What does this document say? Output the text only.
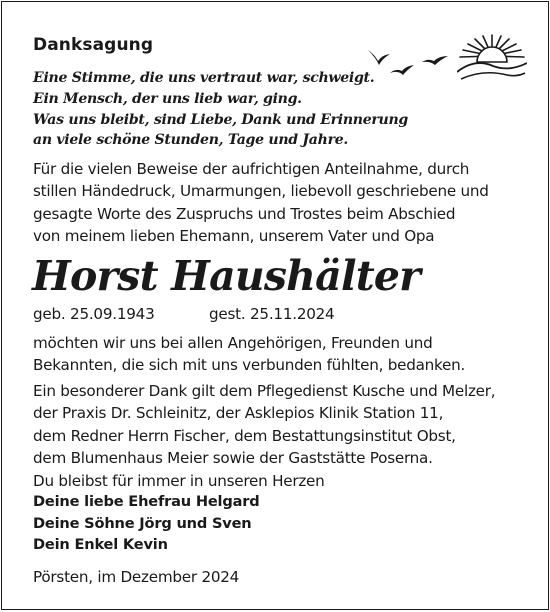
Danksagung
Eine Stimme, die uns vertraut war, schweigt.
Ein Mensch, der uns lieb war, ging.
Was uns bleibt, sind Liebe, Dank und Erinnerung
an viele schöne Stunden, Tage und Jahre.
Für die vielen Beweise der aufrichtigen Anteilnahme, durch
stillen Händedruck, Umarmungen, liebevoll geschriebene und
gesagte Worte des Zuspruchs und Trostes beim Abschied
von meinem lieben Ehemann, unserem Vater und Opa
Horst Haushälter
geb. 25.09.1943	gest. 25.11.2024
möchten wir uns bei allen Angehörigen, Freunden und
Bekannten, die sich mit uns verbunden fühlten, bedanken.
Ein besonderer Dank gilt dem Pflegedienst Kusche und Melzer,
der Praxis Dr. Schleinitz, der Asklepios Klinik Station 11,
dem Redner Herrn Fischer, dem Bestattungsinstitut Obst,
dem Blumenhaus Meier sowie der Gaststätte Poserna.
Du bleibst für immer in unseren Herzen
Deine liebe Ehefrau Helgard
Deine Söhne Jörg und Sven
Dein Enkel Kevin
Pörsten, im Dezember 2024
